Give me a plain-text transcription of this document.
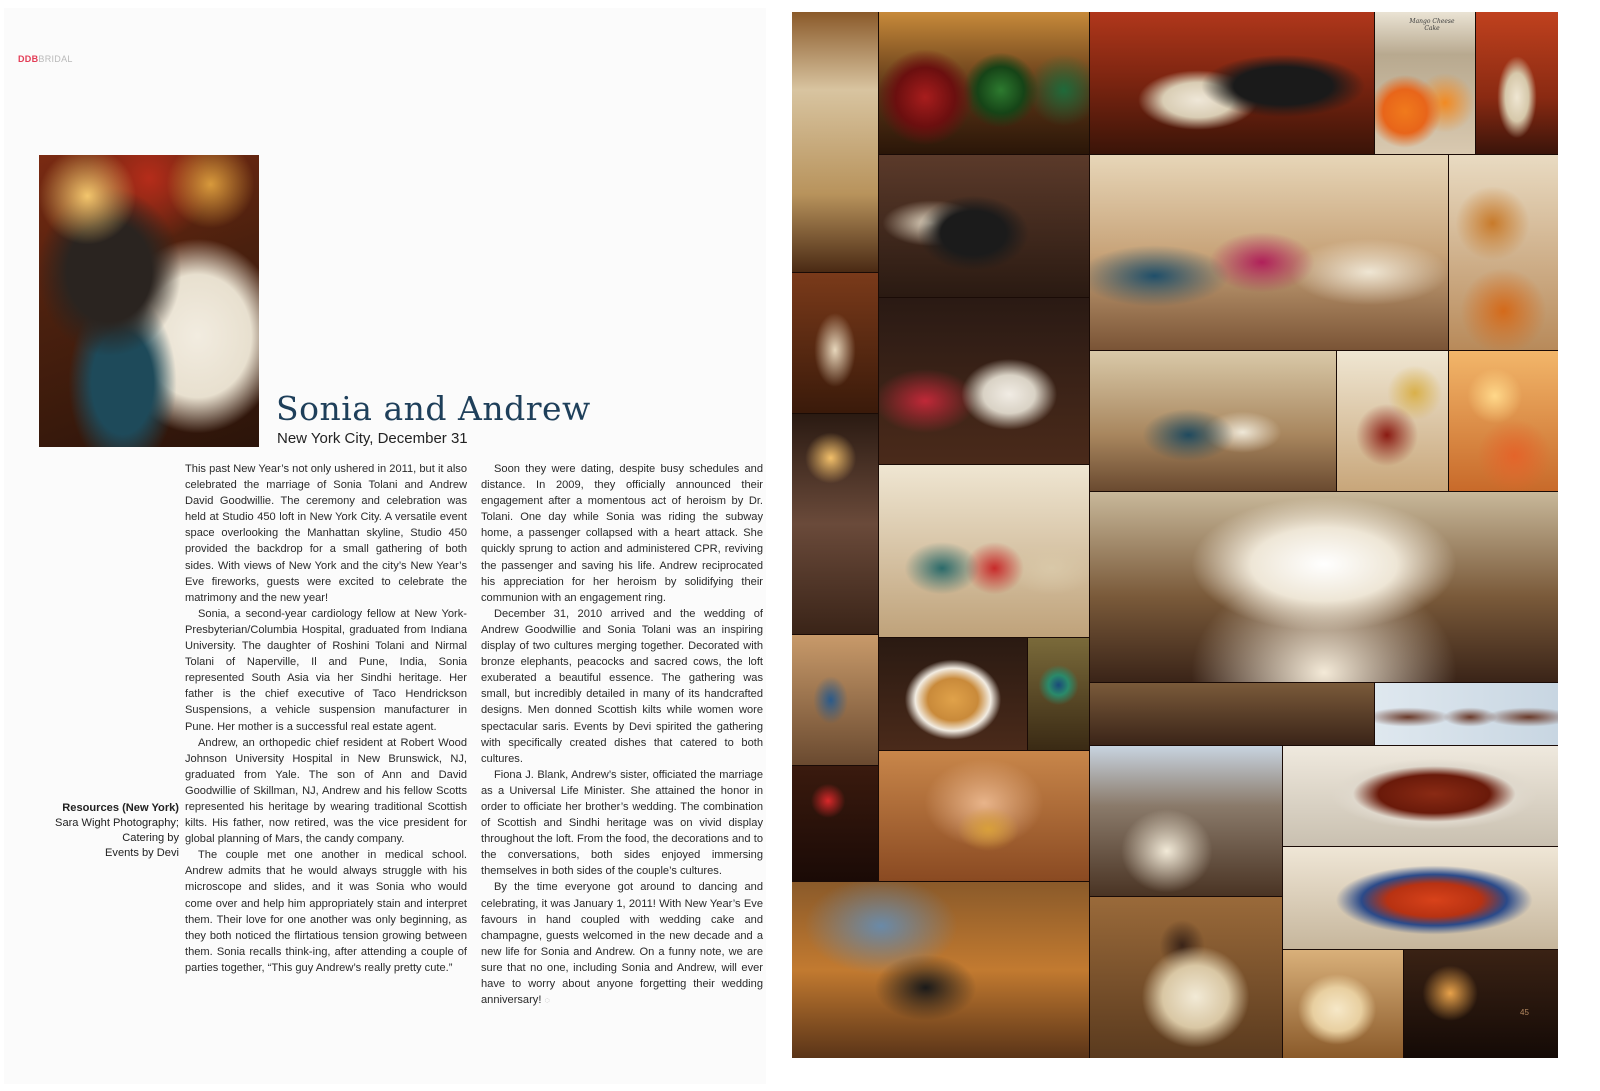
DDBBRIDAL
Sonia and Andrew
New York City, December 31

This past New Year’s not only ushered in 2011, but it also celebrated the marriage of Sonia Tolani and Andrew David Goodwillie. The ceremony and celebration was held at Studio 450 loft in New York City. A versatile event space overlooking the Manhattan skyline, Studio 450 provided the backdrop for a small gathering of both sides. With views of New York and the city’s New Year’s Eve fireworks, guests were excited to celebrate the matrimony and the new year!

Sonia, a second-year cardiology fellow at New York-Presbyterian/Columbia Hospital, graduated from Indiana University. The daughter of Roshini Tolani and Nirmal Tolani of Naperville, Il and Pune, India, Sonia represented South Asia via her Sindhi heritage. Her father is the chief executive of Taco Hendrickson Suspensions, a vehicle suspension manufacturer in Pune. Her mother is a successful real estate agent.

Andrew, an orthopedic chief resident at Robert Wood Johnson University Hospital in New Brunswick, NJ, graduated from Yale. The son of Ann and David Goodwillie of Skillman, NJ, Andrew and his fellow Scotts represented his heritage by wearing traditional Scottish kilts. His father, now retired, was the vice president for global planning of Mars, the candy company.

The couple met one another in medical school. Andrew admits that he would always struggle with his microscope and slides, and it was Sonia who would come over and help him appropriately stain and interpret them. Their love for one another was only beginning, as they both noticed the flirtatious tension growing between them. Sonia recalls think-ing, after attending a couple of parties together, “This guy Andrew’s really pretty cute.”

Soon they were dating, despite busy schedules and distance. In 2009, they officially announced their engagement after a momentous act of heroism by Dr. Tolani. One day while Sonia was riding the subway home, a passenger collapsed with a heart attack. She quickly sprung to action and administered CPR, reviving the passenger and saving his life. Andrew reciprocated his appreciation for her heroism by solidifying their communion with an engagement ring.

December 31, 2010 arrived and the wedding of Andrew Goodwillie and Sonia Tolani was an inspiring display of two cultures merging together. Decorated with bronze elephants, peacocks and sacred cows, the loft exuberated a beautiful essence. The gathering was small, but incredibly detailed in many of its handcrafted designs. Men donned Scottish kilts while women wore spectacular saris. Events by Devi spirited the gathering with specifically created dishes that catered to both cultures.

Fiona J. Blank, Andrew’s sister, officiated the marriage as a Universal Life Minister. She attained the honor in order to officiate her brother’s wedding. The combination of Scottish and Sindhi heritage was on vivid display throughout the loft. From the food, the decorations and to the conversations, both sides enjoyed immersing themselves in both sides of the couple’s cultures.

By the time everyone got around to dancing and celebrating, it was January 1, 2011! With New Year’s Eve favours in hand coupled with wedding cake and champagne, guests welcomed in the new decade and a new life for Sonia and Andrew. On a funny note, we are sure that no one, including Sonia and Andrew, will ever have to worry about anyone forgetting their wedding anniversary! ◌

Resources (New York)
Sara Wight Photography;
Catering by
Events by Devi
Mango Cheese Cake
45
